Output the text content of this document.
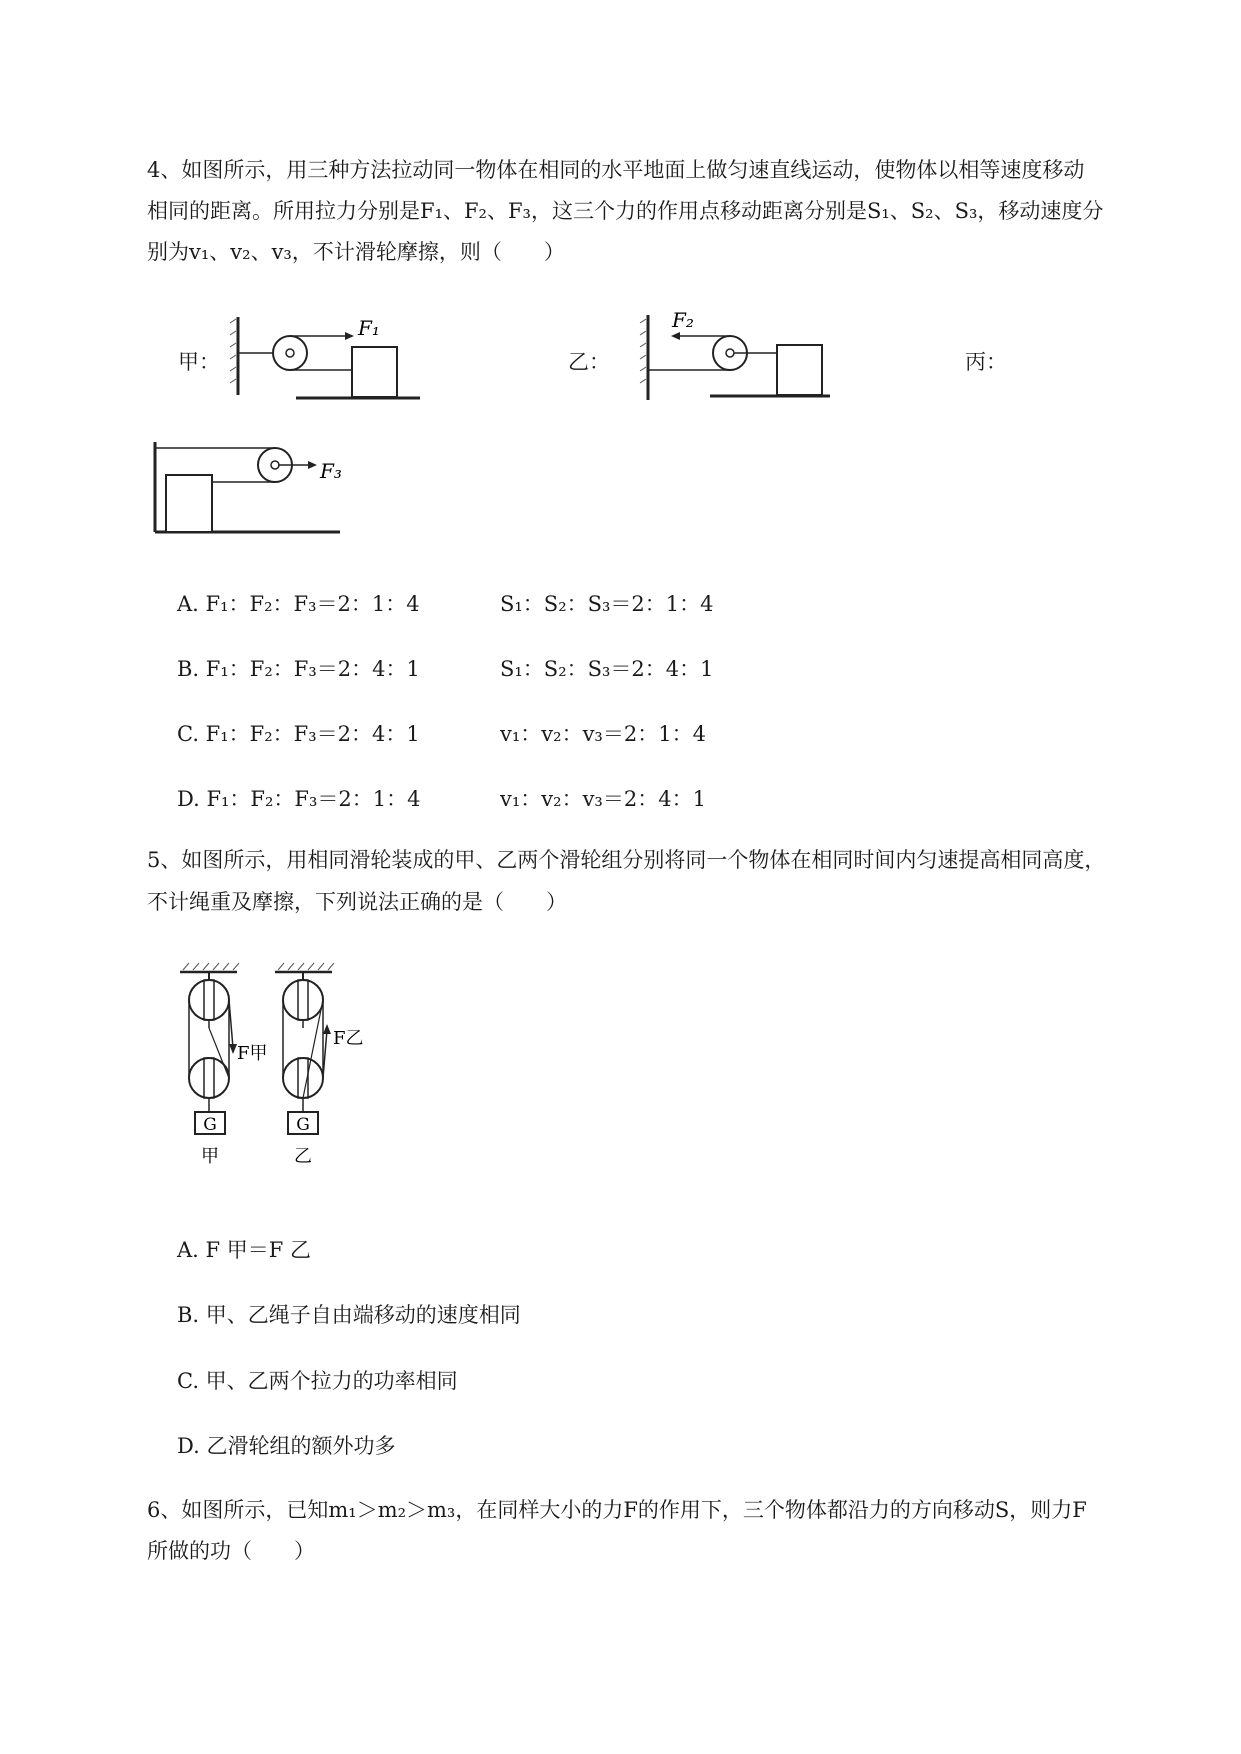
4、如图所示，用三种方法拉动同一物体在相同的水平地面上做匀速直线运动，使物体以相等速度移动
相同的距离。所用拉力分别是F₁、F₂、F₃，这三个力的作用点移动距离分别是S₁、S₂、S₃，移动速度分
别为v₁、v₂、v₃，不计滑轮摩擦，则（　　）
甲：	乙：	丙：
F₁	F₂
F₃
A. F₁：F₂：F₃＝2：1：4	S₁：S₂：S₃＝2：1：4
B. F₁：F₂：F₃＝2：4：1	S₁：S₂：S₃＝2：4：1
C. F₁：F₂：F₃＝2：4：1	v₁：v₂：v₃＝2：1：4
D. F₁：F₂：F₃＝2：1：4	v₁：v₂：v₃＝2：4：1
5、如图所示，用相同滑轮装成的甲、乙两个滑轮组分别将同一个物体在相同时间内匀速提高相同高度，
不计绳重及摩擦，下列说法正确的是（　　）
G
F甲
甲
G
F乙
乙
A. F 甲＝F 乙
B. 甲、乙绳子自由端移动的速度相同
C. 甲、乙两个拉力的功率相同
D. 乙滑轮组的额外功多
6、如图所示，已知m₁＞m₂＞m₃，在同样大小的力F的作用下，三个物体都沿力的方向移动S，则力F
所做的功（　　）
